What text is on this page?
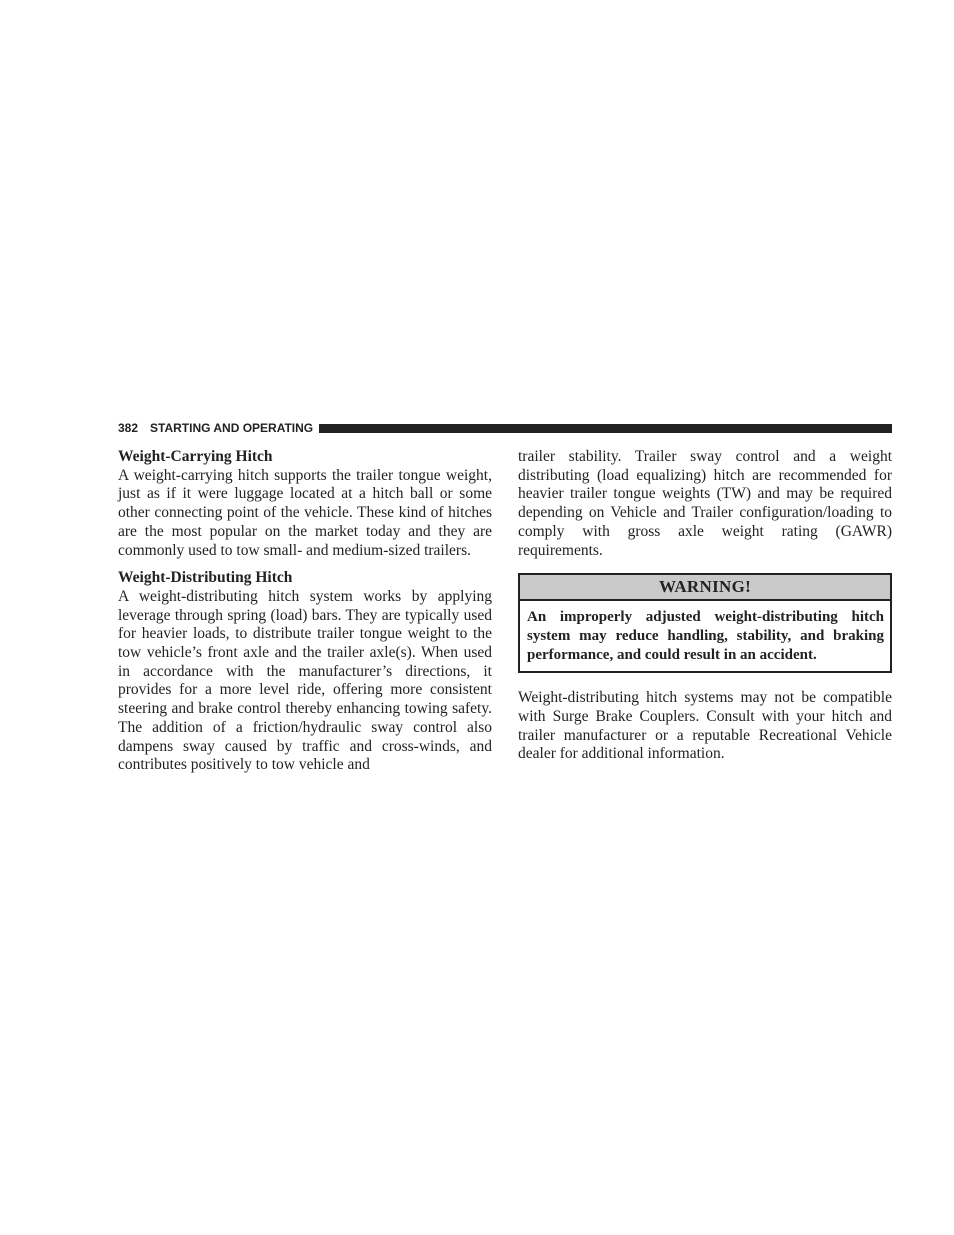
382 STARTING AND OPERATING
Weight-Carrying Hitch

A weight-carrying hitch supports the trailer tongue weight, just as if it were luggage located at a hitch ball or some other connecting point of the vehicle. These kind of hitches are the most popular on the market today and they are commonly used to tow small- and medium-sized trailers.

Weight-Distributing Hitch

A weight-distributing hitch system works by applying leverage through spring (load) bars. They are typically used for heavier loads, to distribute trailer tongue weight to the tow vehicle’s front axle and the trailer axle(s). When used in accordance with the manufacturer’s directions, it provides for a more level ride, offering more consistent steering and brake control thereby enhancing towing safety. The addition of a friction/hydraulic sway control also dampens sway caused by traffic and cross-winds, and contributes positively to tow vehicle and

trailer stability. Trailer sway control and a weight distributing (load equalizing) hitch are recommended for heavier trailer tongue weights (TW) and may be required depending on Vehicle and Trailer configuration/loading to comply with gross axle weight rating (GAWR) requirements.

WARNING!
An improperly adjusted weight-distributing hitch system may reduce handling, stability, and braking performance, and could result in an accident.

Weight-distributing hitch systems may not be compatible with Surge Brake Couplers. Consult with your hitch and trailer manufacturer or a reputable Recreational Vehicle dealer for additional information.
